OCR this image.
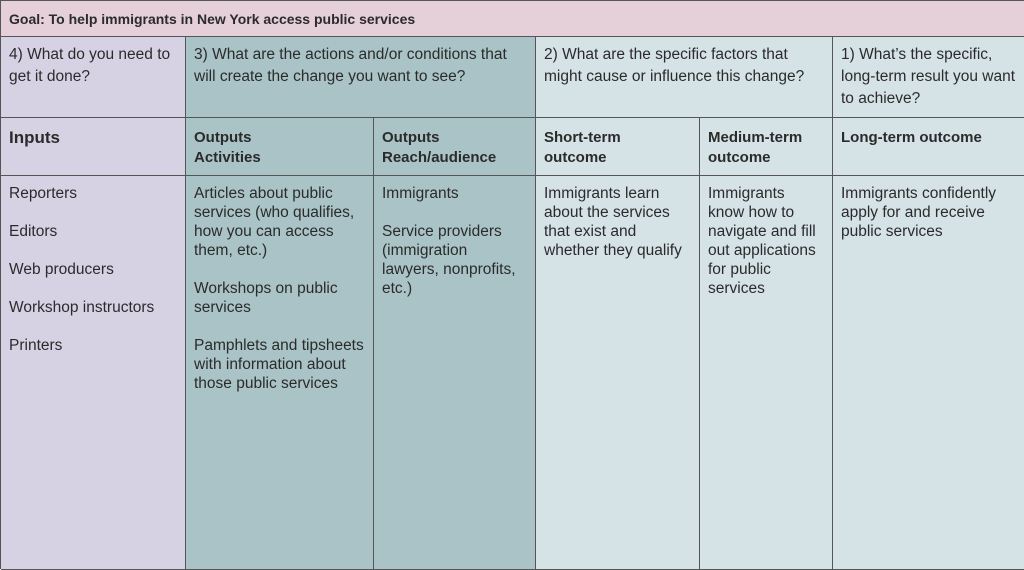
Goal: To help immigrants in New York access public services
4) What do you need to get it done?
3) What are the actions and/or conditions that will create the change you want to see?
2) What are the specific factors that might cause or influence this change?
1) What’s the specific, long-term result you want to achieve?
Inputs	Outputs
Activities
Outputs
Reach/audience
Short-term
outcome
Medium-term
outcome
Long-term outcome
Reporters
Editors
Web producers
Workshop instructors
Printers
Articles about public services (who qualifies, how you can access them, etc.)
Workshops on public services
Pamphlets and tipsheets with information about those public services
Immigrants
Service providers (immigration lawyers, nonprofits, etc.)
Immigrants learn about the services that exist and whether they qualify
Immigrants know how to navigate and fill out applications for public services
Immigrants confidently apply for and receive public services
